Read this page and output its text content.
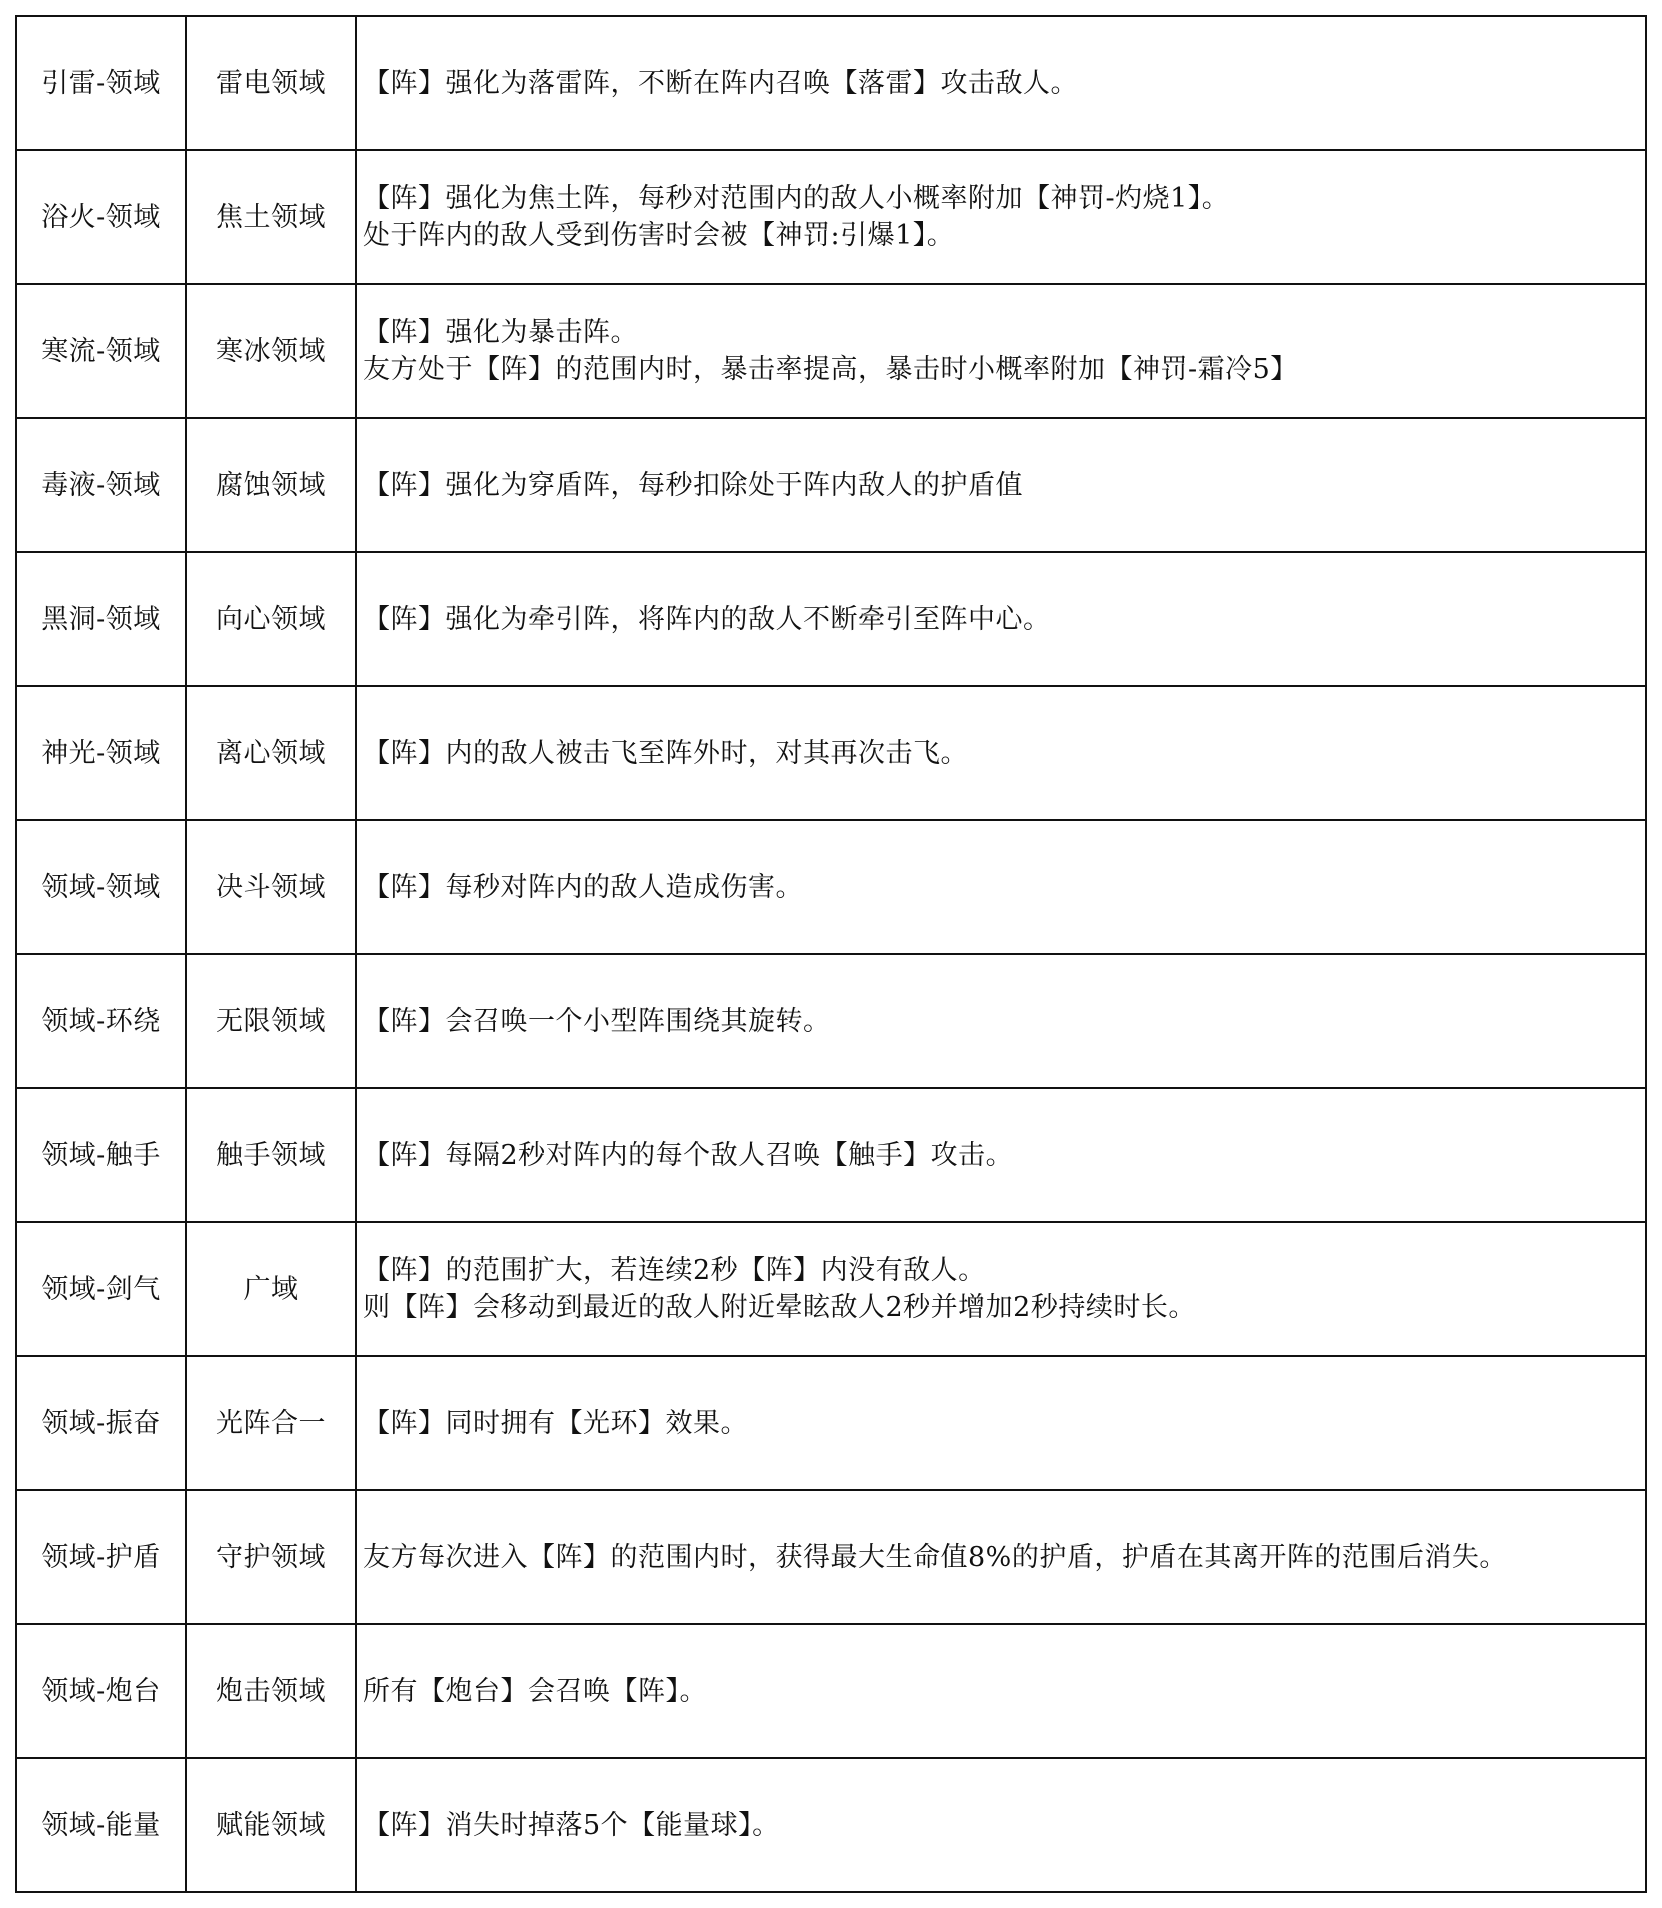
引雷-领域	雷电领域	【阵】强化为落雷阵，不断在阵内召唤【落雷】攻击敌人。

浴火-领域	焦土领域	【阵】强化为焦土阵，每秒对范围内的敌人小概率附加【神罚-灼烧1】。
处于阵内的敌人受到伤害时会被【神罚:引爆1】。

寒流-领域	寒冰领域	【阵】强化为暴击阵。
友方处于【阵】的范围内时，暴击率提高，暴击时小概率附加【神罚-霜冷5】

毒液-领域	腐蚀领域	【阵】强化为穿盾阵，每秒扣除处于阵内敌人的护盾值

黑洞-领域	向心领域	【阵】强化为牵引阵，将阵内的敌人不断牵引至阵中心。

神光-领域	离心领域	【阵】内的敌人被击飞至阵外时，对其再次击飞。

领域-领域	决斗领域	【阵】每秒对阵内的敌人造成伤害。

领域-环绕	无限领域	【阵】会召唤一个小型阵围绕其旋转。

领域-触手	触手领域	【阵】每隔2秒对阵内的每个敌人召唤【触手】攻击。

领域-剑气	广域	【阵】的范围扩大，若连续2秒【阵】内没有敌人。
则【阵】会移动到最近的敌人附近晕眩敌人2秒并增加2秒持续时长。

领域-振奋	光阵合一	【阵】同时拥有【光环】效果。

领域-护盾	守护领域	友方每次进入【阵】的范围内时，获得最大生命值8%的护盾，护盾在其离开阵的范围后消失。

领域-炮台	炮击领域	所有【炮台】会召唤【阵】。

领域-能量	赋能领域	【阵】消失时掉落5个【能量球】。
